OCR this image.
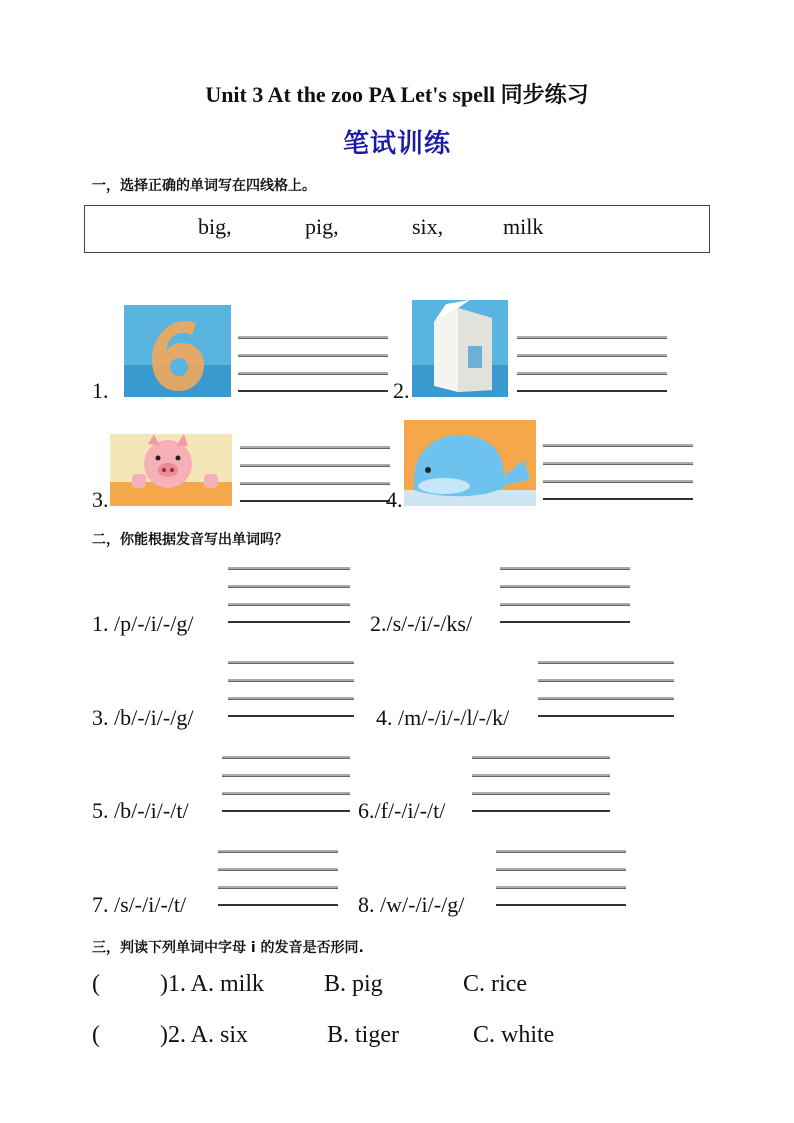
Unit 3 At the zoo PA Let's spell 同步练习
笔试训练
一，选择正确的单词写在四线格上。
big,	pig,	six,	milk
1.	2.
3.	4.
二，你能根据发音写出单词吗？
1. /p/-/i/-/g/	2./s/-/i/-/ks/
3. /b/-/i/-/g/	4. /m/-/i/-/l/-/k/
5. /b/-/i/-/t/	6./f/-/i/-/t/
7. /s/-/i/-/t/	8. /w/-/i/-/g/
三，判读下列单词中字母 i 的发音是否形同.
(	)1. A. milk B. pig	C. rice
(	)2. A. six	B. tiger	C. white
